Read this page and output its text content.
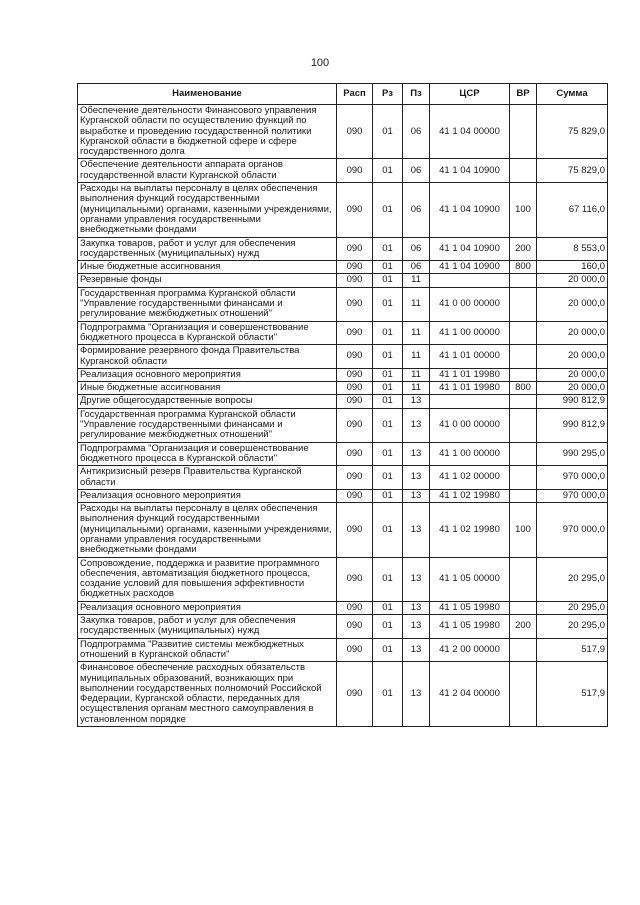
100
Наименование	Расп	Рз	Пз	ЦСР	ВР	Сумма
Обеспечение деятельности Финансового управления Курганской области по осуществлению функций по выработке и проведению государственной политики Курганской области в бюджетной сфере и сфере государственного долга	090	01	06	41 1 04 00000		75 829,0
Обеспечение деятельности аппарата органов государственной власти Курганской области	090	01	06	41 1 04 10900		75 829,0
Расходы на выплаты персоналу в целях обеспечения выполнения функций государственными (муниципальными) органами, казенными учреждениями, органами управления государственными внебюджетными фондами	090	01	06	41 1 04 10900	100	67 116,0
Закупка товаров, работ и услуг для обеспечения государственных (муниципальных) нужд	090	01	06	41 1 04 10900	200	8 553,0
Иные бюджетные ассигнования	090	01	06	41 1 04 10900	800	160,0
Резервные фонды	090	01	11			20 000,0
Государственная программа Курганской области "Управление государственными финансами и регулирование межбюджетных отношений"	090	01	11	41 0 00 00000		20 000,0
Подпрограмма "Организация и совершенствование бюджетного процесса в Курганской области"	090	01	11	41 1 00 00000		20 000,0
Формирование резервного фонда Правительства Курганской области	090	01	11	41 1 01 00000		20 000,0
Реализация основного мероприятия	090	01	11	41 1 01 19980		20 000,0
Иные бюджетные ассигнования	090	01	11	41 1 01 19980	800	20 000,0
Другие общегосударственные вопросы	090	01	13			990 812,9
Государственная программа Курганской области "Управление государственными финансами и регулирование межбюджетных отношений"	090	01	13	41 0 00 00000		990 812,9
Подпрограмма "Организация и совершенствование бюджетного процесса в Курганской области"	090	01	13	41 1 00 00000		990 295,0
Антикризисный резерв Правительства Курганской области	090	01	13	41 1 02 00000		970 000,0
Реализация основного мероприятия	090	01	13	41 1 02 19980		970 000,0
Расходы на выплаты персоналу в целях обеспечения выполнения функций государственными (муниципальными) органами, казенными учреждениями, органами управления государственными внебюджетными фондами	090	01	13	41 1 02 19980	100	970 000,0
Сопровождение, поддержка и развитие программного обеспечения, автоматизация бюджетного процесса, создание условий для повышения эффективности бюджетных расходов	090	01	13	41 1 05 00000		20 295,0
Реализация основного мероприятия	090	01	13	41 1 05 19980		20 295,0
Закупка товаров, работ и услуг для обеспечения государственных (муниципальных) нужд	090	01	13	41 1 05 19980	200	20 295,0
Подпрограмма "Развитие системы межбюджетных отношений в Курганской области"	090	01	13	41 2 00 00000		517,9
Финансовое обеспечение расходных обязательств муниципальных образований, возникающих при выполнении государственных полномочий Российской Федерации, Курганской области, переданных для осуществления органам местного самоуправления в установленном порядке	090	01	13	41 2 04 00000		517,9
